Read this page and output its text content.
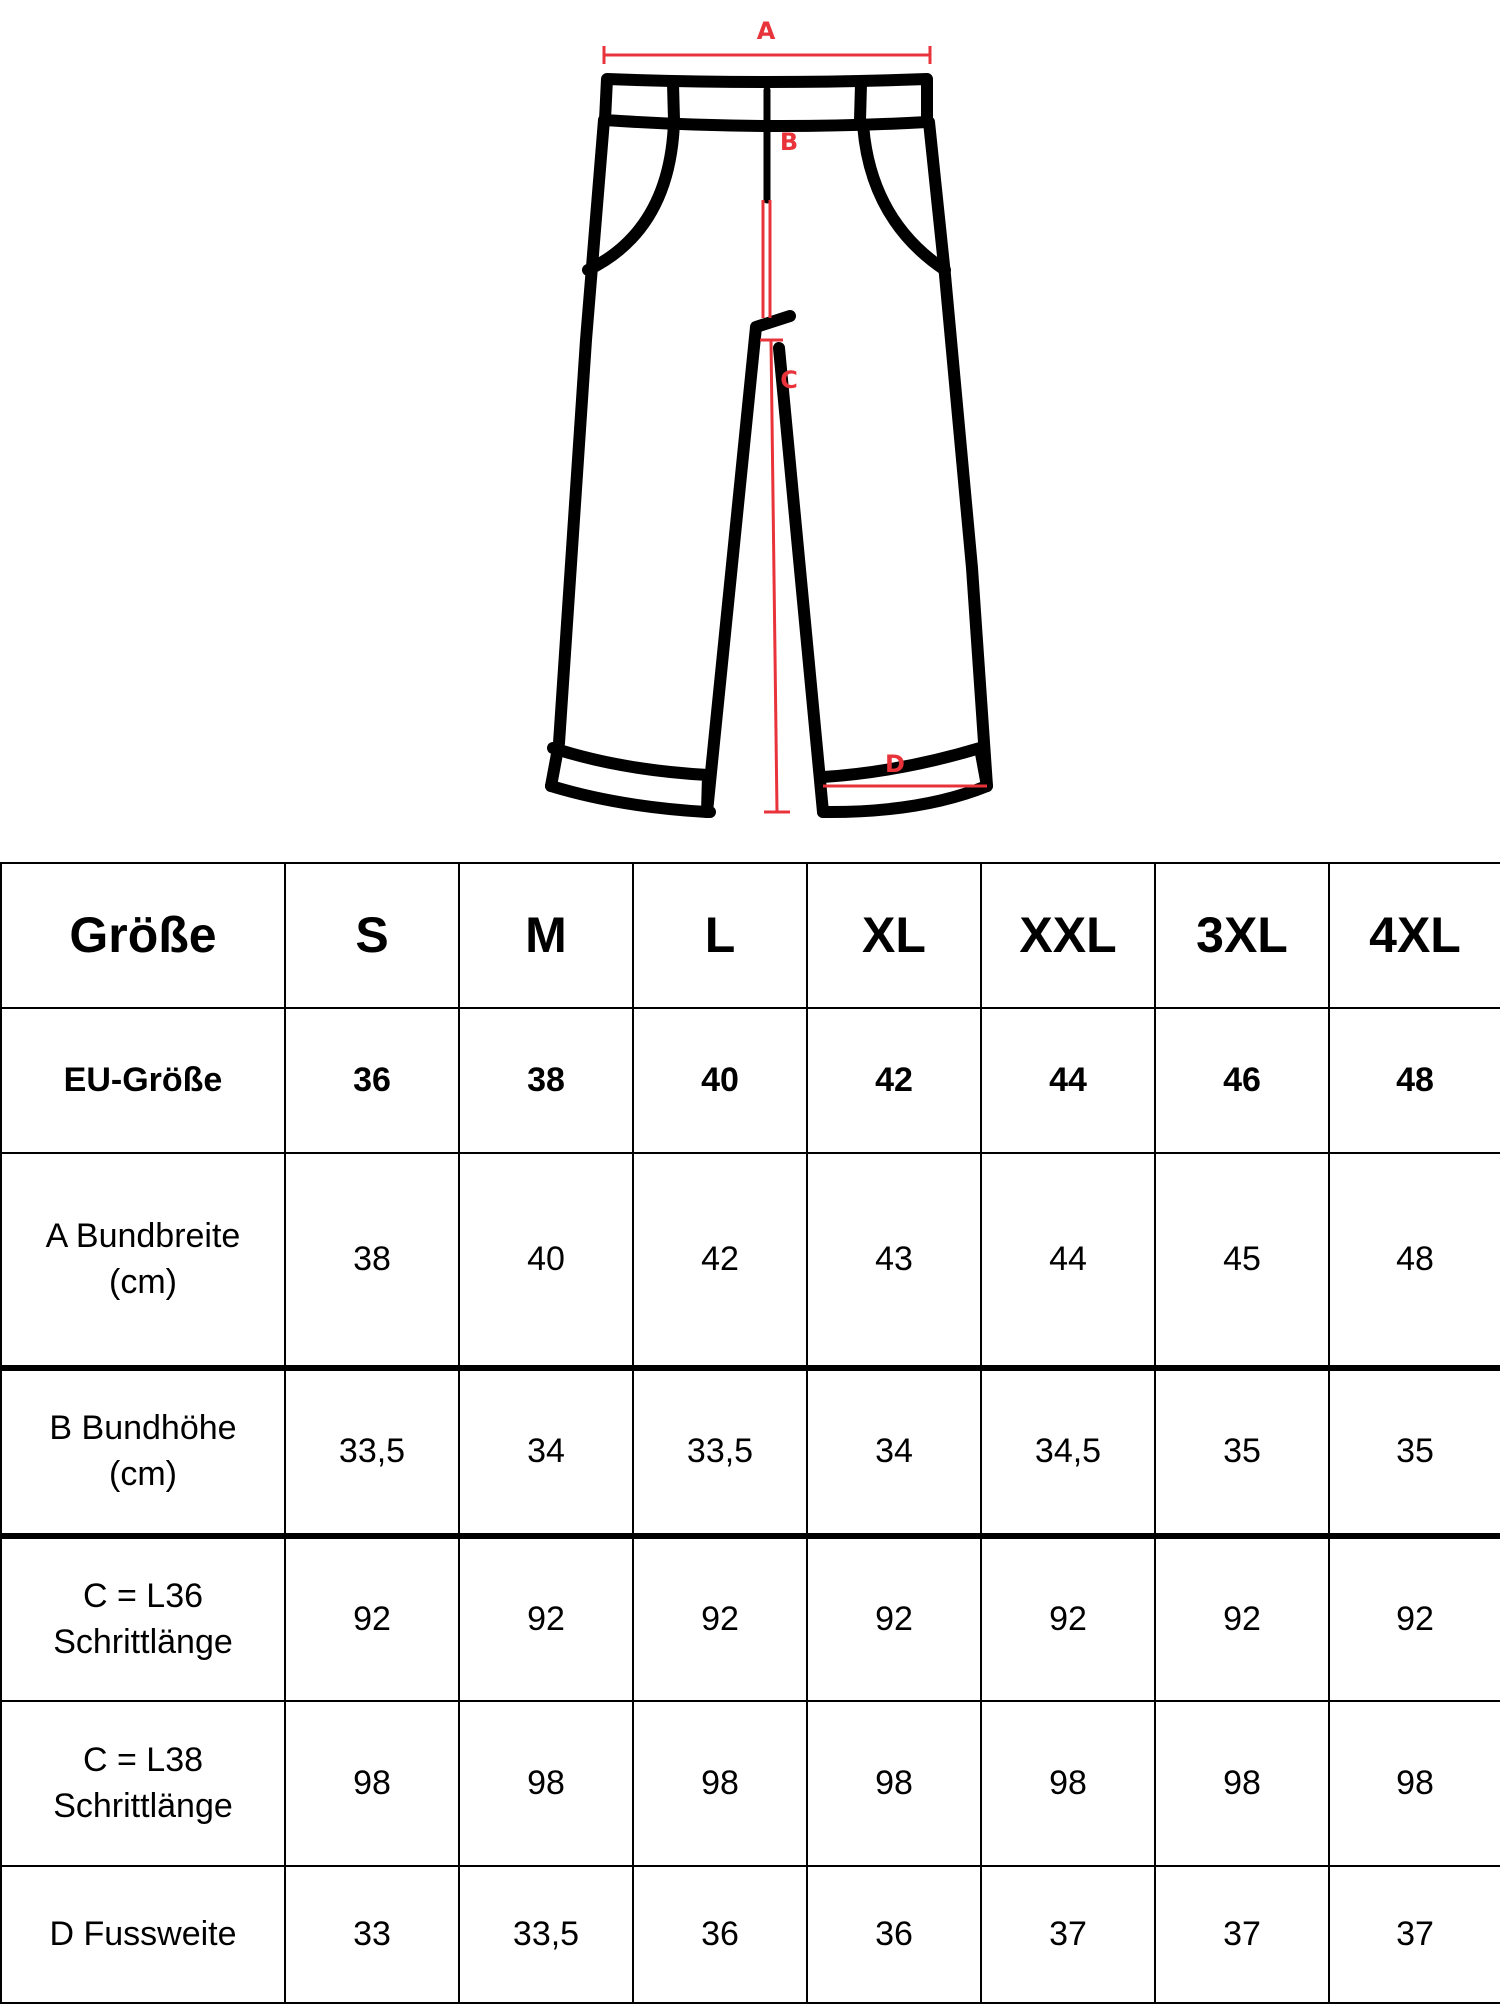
A
B
C
D
Größe	S	M	L	XL	XXL	3XL	4XL

EU-Größe	36	38	40	42	44	46	48

A Bundbreite
(cm)	38	40	42	43	44	45	48

B Bundhöhe
(cm)	33,5	34	33,5	34	34,5	35	35

C = L36
Schrittlänge	92	92	92	92	92	92	92

C = L38
Schrittlänge	98	98	98	98	98	98	98

D Fussweite	33	33,5	36	36	37	37	37
